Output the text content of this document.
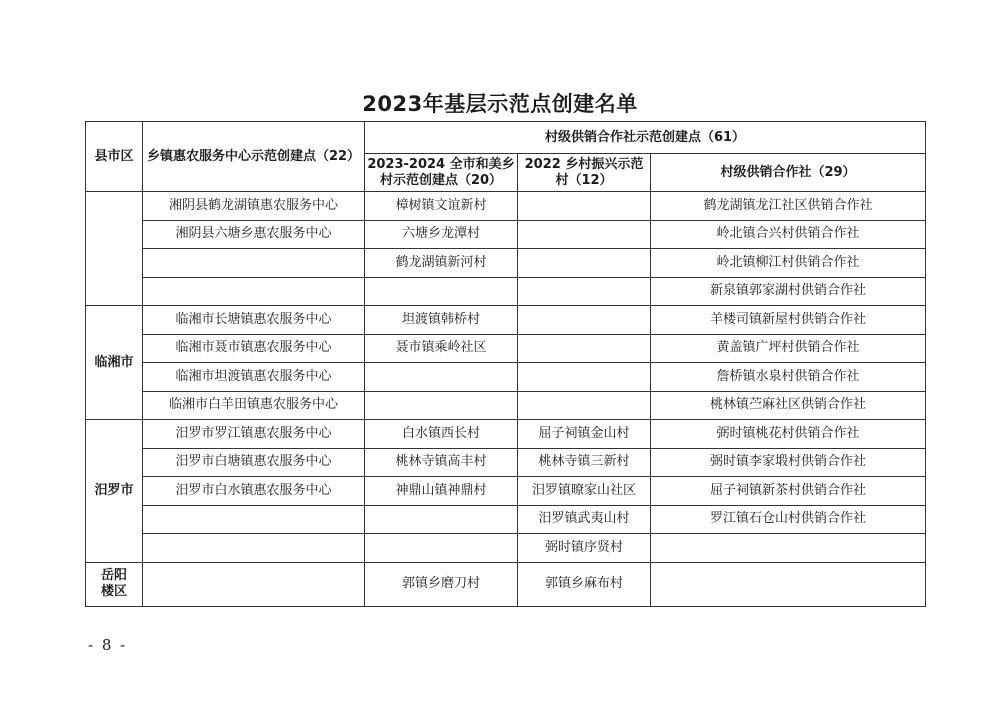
2023年基层示范点创建名单
县市区	乡镇惠农服务中心示范创建点（22）	村级供销合作社示范创建点（61）		
		2023-2024 全市和美乡村示范创建点（20）	2022 乡村振兴示范村（12）	村级供销合作社（29）
	湘阴县鹤龙湖镇惠农服务中心	樟树镇文谊新村		鹤龙湖镇龙江社区供销合作社
	湘阴县六塘乡惠农服务中心	六塘乡龙潭村		岭北镇合兴村供销合作社
		鹤龙湖镇新河村		岭北镇柳江村供销合作社
				新泉镇郭家湖村供销合作社
临湘市	临湘市长塘镇惠农服务中心	坦渡镇韩桥村		羊楼司镇新屋村供销合作社
	临湘市聂市镇惠农服务中心	聂市镇乘岭社区		黄盖镇广坪村供销合作社
	临湘市坦渡镇惠农服务中心			詹桥镇水泉村供销合作社
	临湘市白羊田镇惠农服务中心			桃林镇苎麻社区供销合作社
汨罗市	汨罗市罗江镇惠农服务中心	白水镇西长村	屈子祠镇金山村	弼时镇桃花村供销合作社
	汨罗市白塘镇惠农服务中心	桃林寺镇高丰村	桃林寺镇三新村	弼时镇李家塅村供销合作社
	汨罗市白水镇惠农服务中心	神鼎山镇神鼎村	汨罗镇暸家山社区	屈子祠镇新茶村供销合作社
			汨罗镇武夷山村	罗江镇石仓山村供销合作社
			弼时镇序贤村	
岳阳楼区		郭镇乡磨刀村	郭镇乡麻布村	
- 8 -
